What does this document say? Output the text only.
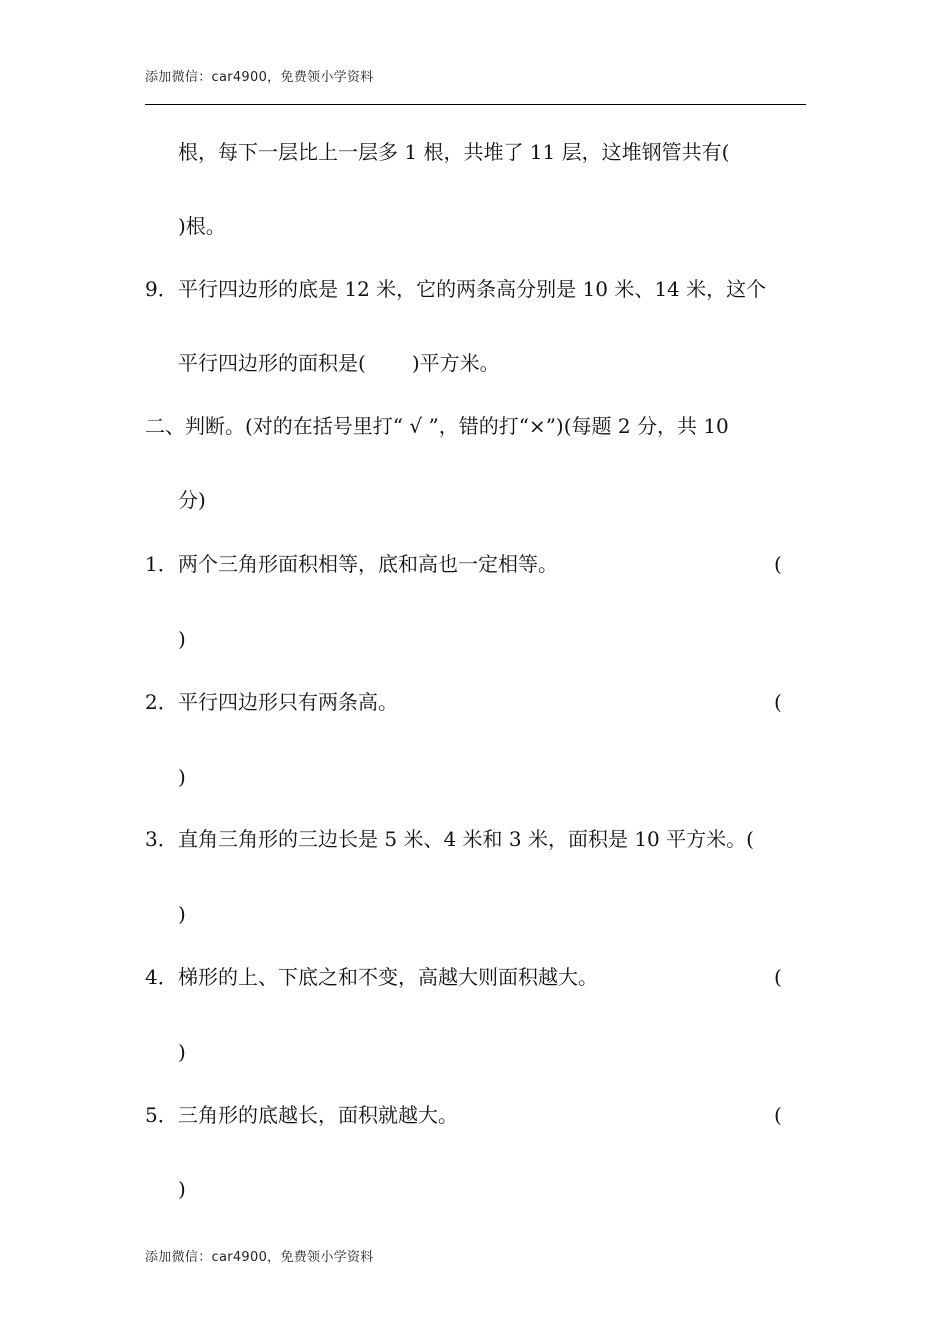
添加微信：car4900，免费领小学资料
根，每下一层比上一层多 1 根，共堆了 11 层，这堆钢管共有(
)根。
9．平行四边形的底是 12 米，它的两条高分别是 10 米、14 米，这个
平行四边形的面积是( )平方米。
二、判断。(对的在括号里打“ √ ”，错的打“×”)(每题 2 分，共 10
分)
1．两个三角形面积相等，底和高也一定相等。	(
)
2．平行四边形只有两条高。	(
)
3．直角三角形的三边长是 5 米、4 米和 3 米，面积是 10 平方米。(
)
4．梯形的上、下底之和不变，高越大则面积越大。	(
)
5．三角形的底越长，面积就越大。	(
)
添加微信：car4900，免费领小学资料
